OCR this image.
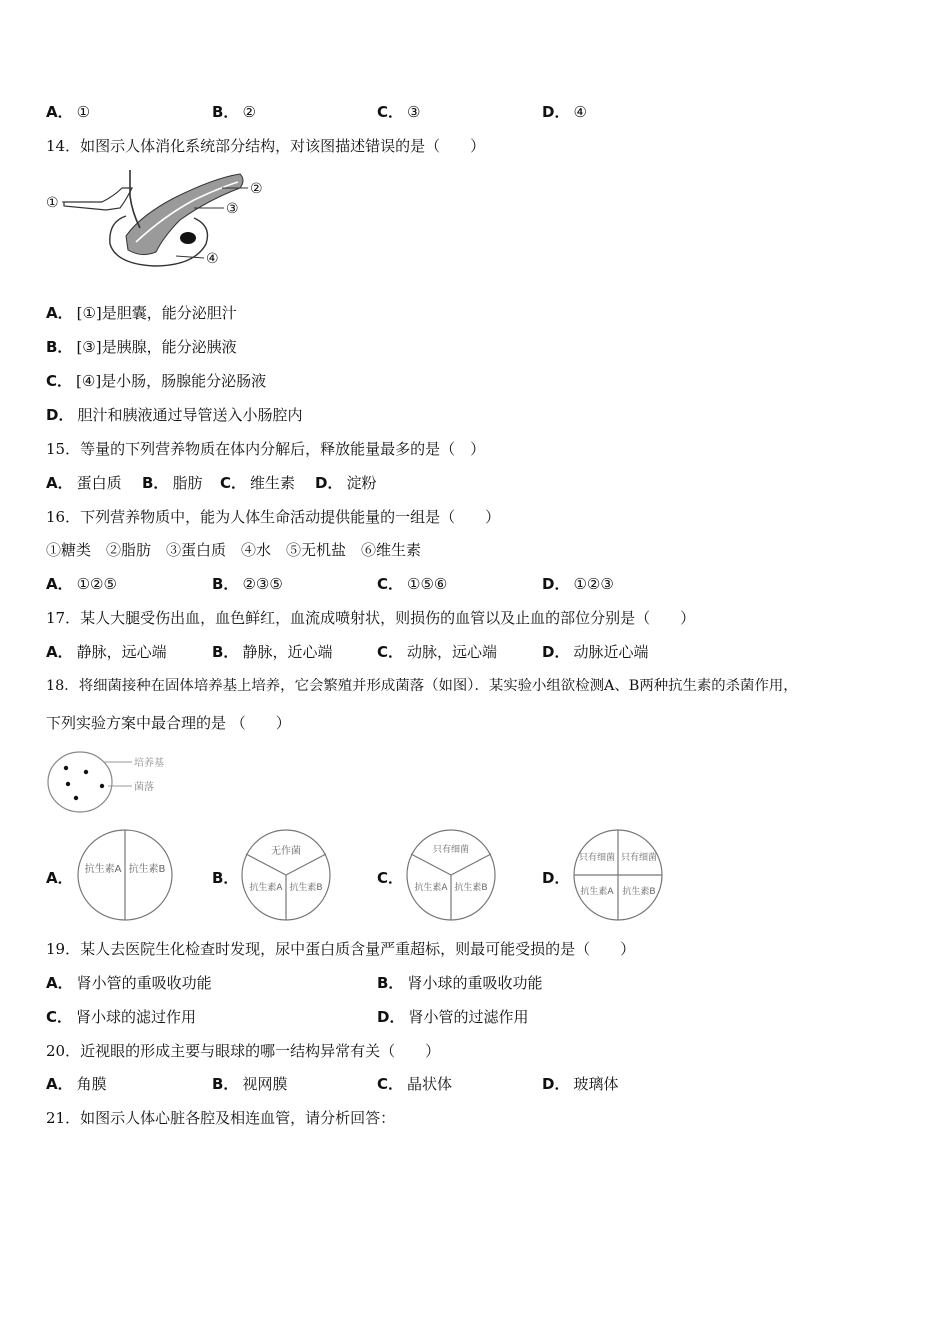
A． ①	B． ②	C． ③	D． ④
14．如图示人体消化系统部分结构，对该图描述错误的是（　　）
①
②
③
④
A． [①]是胆囊，能分泌胆汁
B． [③]是胰腺，能分泌胰液
C． [④]是小肠，肠腺能分泌肠液
D． 胆汁和胰液通过导管送入小肠腔内
15．等量的下列营养物质在体内分解后，释放能量最多的是（　）
A． 蛋白质 B． 脂肪 C． 维生素 D． 淀粉
16．下列营养物质中，能为人体生命活动提供能量的一组是（　　）
①糖类　②脂肪　③蛋白质　④水　⑤无机盐　⑥维生素
A． ①②⑤	B． ②③⑤	C． ①⑤⑥	D． ①②③
17．某人大腿受伤出血，血色鲜红，血流成喷射状，则损伤的血管以及止血的部位分别是（　　）
A． 静脉，远心端	B． 静脉，近心端	C． 动脉，远心端	D． 动脉近心端
18．将细菌接种在固体培养基上培养，它会繁殖并形成菌落（如图）．某实验小组欲检测A、B两种抗生素的杀菌作用，
下列实验方案中最合理的是 （　　）
培养基
菌落
A．	抗生素A 抗生素B	B．
无作菌
抗生素A 抗生素B
C．
只有细菌
抗生素A 抗生素B
D．
只有细菌 只有细菌
抗生素A 抗生素B
19．某人去医院生化检查时发现，尿中蛋白质含量严重超标，则最可能受损的是（　　）
A． 肾小管的重吸收功能	B． 肾小球的重吸收功能
C． 肾小球的滤过作用	D． 肾小管的过滤作用
20．近视眼的形成主要与眼球的哪一结构异常有关（　　）
A． 角膜	B． 视网膜	C． 晶状体	D． 玻璃体
21．如图示人体心脏各腔及相连血管，请分析回答：
